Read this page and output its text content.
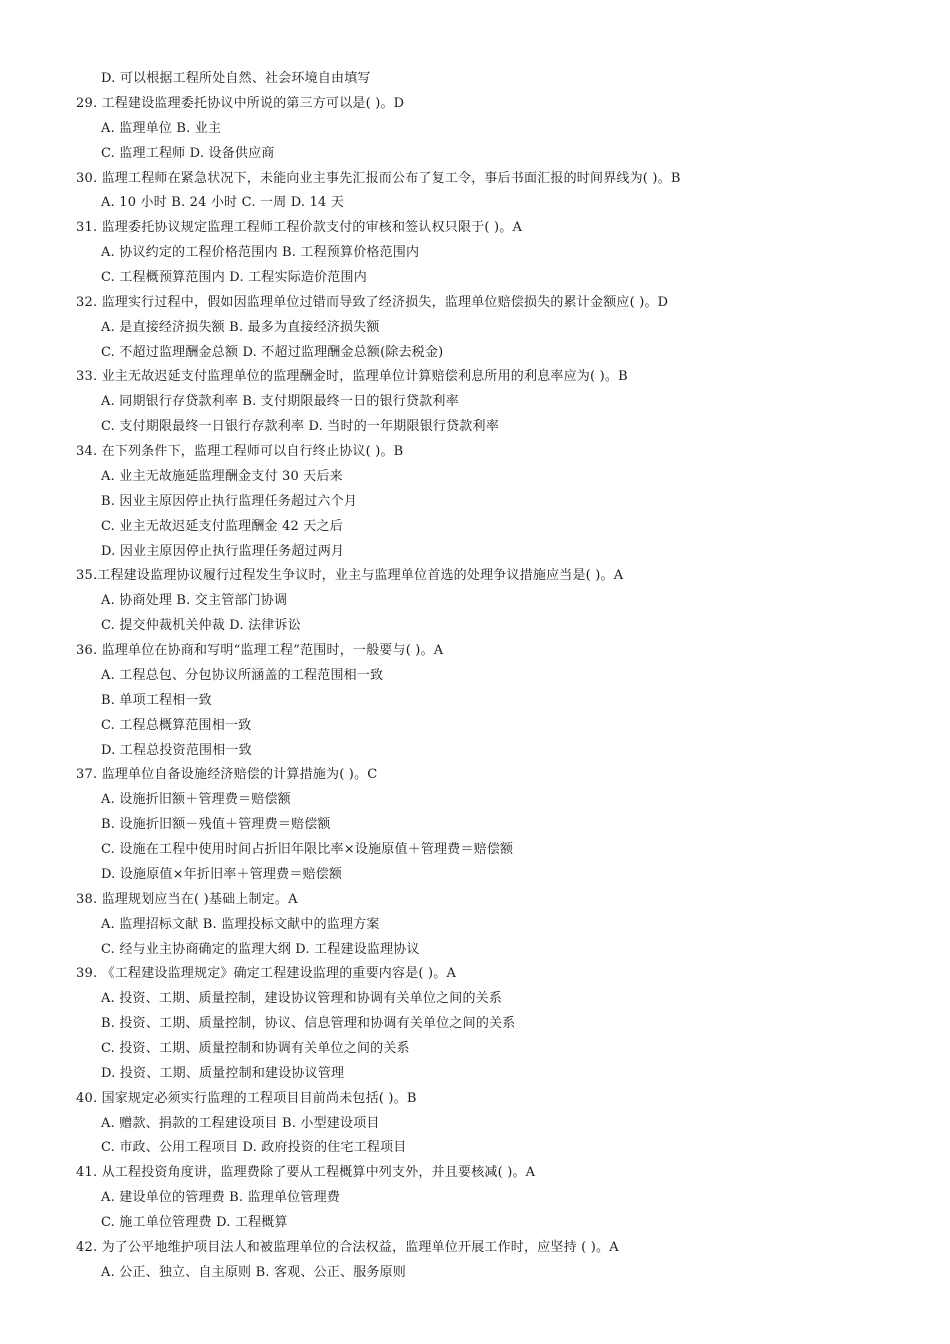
D. 可以根据工程所处自然、社会环境自由填写
29. 工程建设监理委托协议中所说的第三方可以是( )。D
A. 监理单位 B. 业主
C. 监理工程师 D. 设备供应商
30. 监理工程师在紧急状况下，未能向业主事先汇报而公布了复工令，事后书面汇报的时间界线为( )。B
A. 10 小时 B. 24 小时 C. 一周 D. 14 天
31. 监理委托协议规定监理工程师工程价款支付的审核和签认权只限于( )。A
A. 协议约定的工程价格范围内 B. 工程预算价格范围内
C. 工程概预算范围内 D. 工程实际造价范围内
32. 监理实行过程中，假如因监理单位过错而导致了经济损失，监理单位赔偿损失的累计金额应( )。D
A. 是直接经济损失额 B. 最多为直接经济损失额
C. 不超过监理酬金总额 D. 不超过监理酬金总额(除去税金)
33. 业主无故迟延支付监理单位的监理酬金时，监理单位计算赔偿利息所用的利息率应为( )。B
A. 同期银行存贷款利率 B. 支付期限最终一日的银行贷款利率
C. 支付期限最终一日银行存款利率 D. 当时的一年期限银行贷款利率
34. 在下列条件下，监理工程师可以自行终止协议( )。B
A. 业主无故施延监理酬金支付 30 天后来
B. 因业主原因停止执行监理任务超过六个月
C. 业主无故迟延支付监理酬金 42 天之后
D. 因业主原因停止执行监理任务超过两月
35.工程建设监理协议履行过程发生争议时，业主与监理单位首选的处理争议措施应当是( )。A
A. 协商处理 B. 交主管部门协调
C. 提交仲裁机关仲裁 D. 法律诉讼
36. 监理单位在协商和写明“监理工程”范围时，一般要与( )。A
A. 工程总包、分包协议所涵盖的工程范围相一致
B. 单项工程相一致
C. 工程总概算范围相一致
D. 工程总投资范围相一致
37. 监理单位自备设施经济赔偿的计算措施为( )。C
A. 设施折旧额＋管理费＝赔偿额
B. 设施折旧额－残值＋管理费＝赔偿额
C. 设施在工程中使用时间占折旧年限比率×设施原值＋管理费＝赔偿额
D. 设施原值×年折旧率＋管理费＝赔偿额
38. 监理规划应当在( )基础上制定。A
A. 监理招标文献 B. 监理投标文献中的监理方案
C. 经与业主协商确定的监理大纲 D. 工程建设监理协议
39. 《工程建设监理规定》确定工程建设监理的重要内容是( )。A
A. 投资、工期、质量控制，建设协议管理和协调有关单位之间的关系
B. 投资、工期、质量控制，协议、信息管理和协调有关单位之间的关系
C. 投资、工期、质量控制和协调有关单位之间的关系
D. 投资、工期、质量控制和建设协议管理
40. 国家规定必须实行监理的工程项目目前尚未包括( )。B
A. 赠款、捐款的工程建设项目 B. 小型建设项目
C. 市政、公用工程项目 D. 政府投资的住宅工程项目
41. 从工程投资角度讲，监理费除了要从工程概算中列支外，并且要核减( )。A
A. 建设单位的管理费 B. 监理单位管理费
C. 施工单位管理费 D. 工程概算
42. 为了公平地维护项目法人和被监理单位的合法权益，监理单位开展工作时，应坚持 ( )。A
A. 公正、独立、自主原则 B. 客观、公正、服务原则
